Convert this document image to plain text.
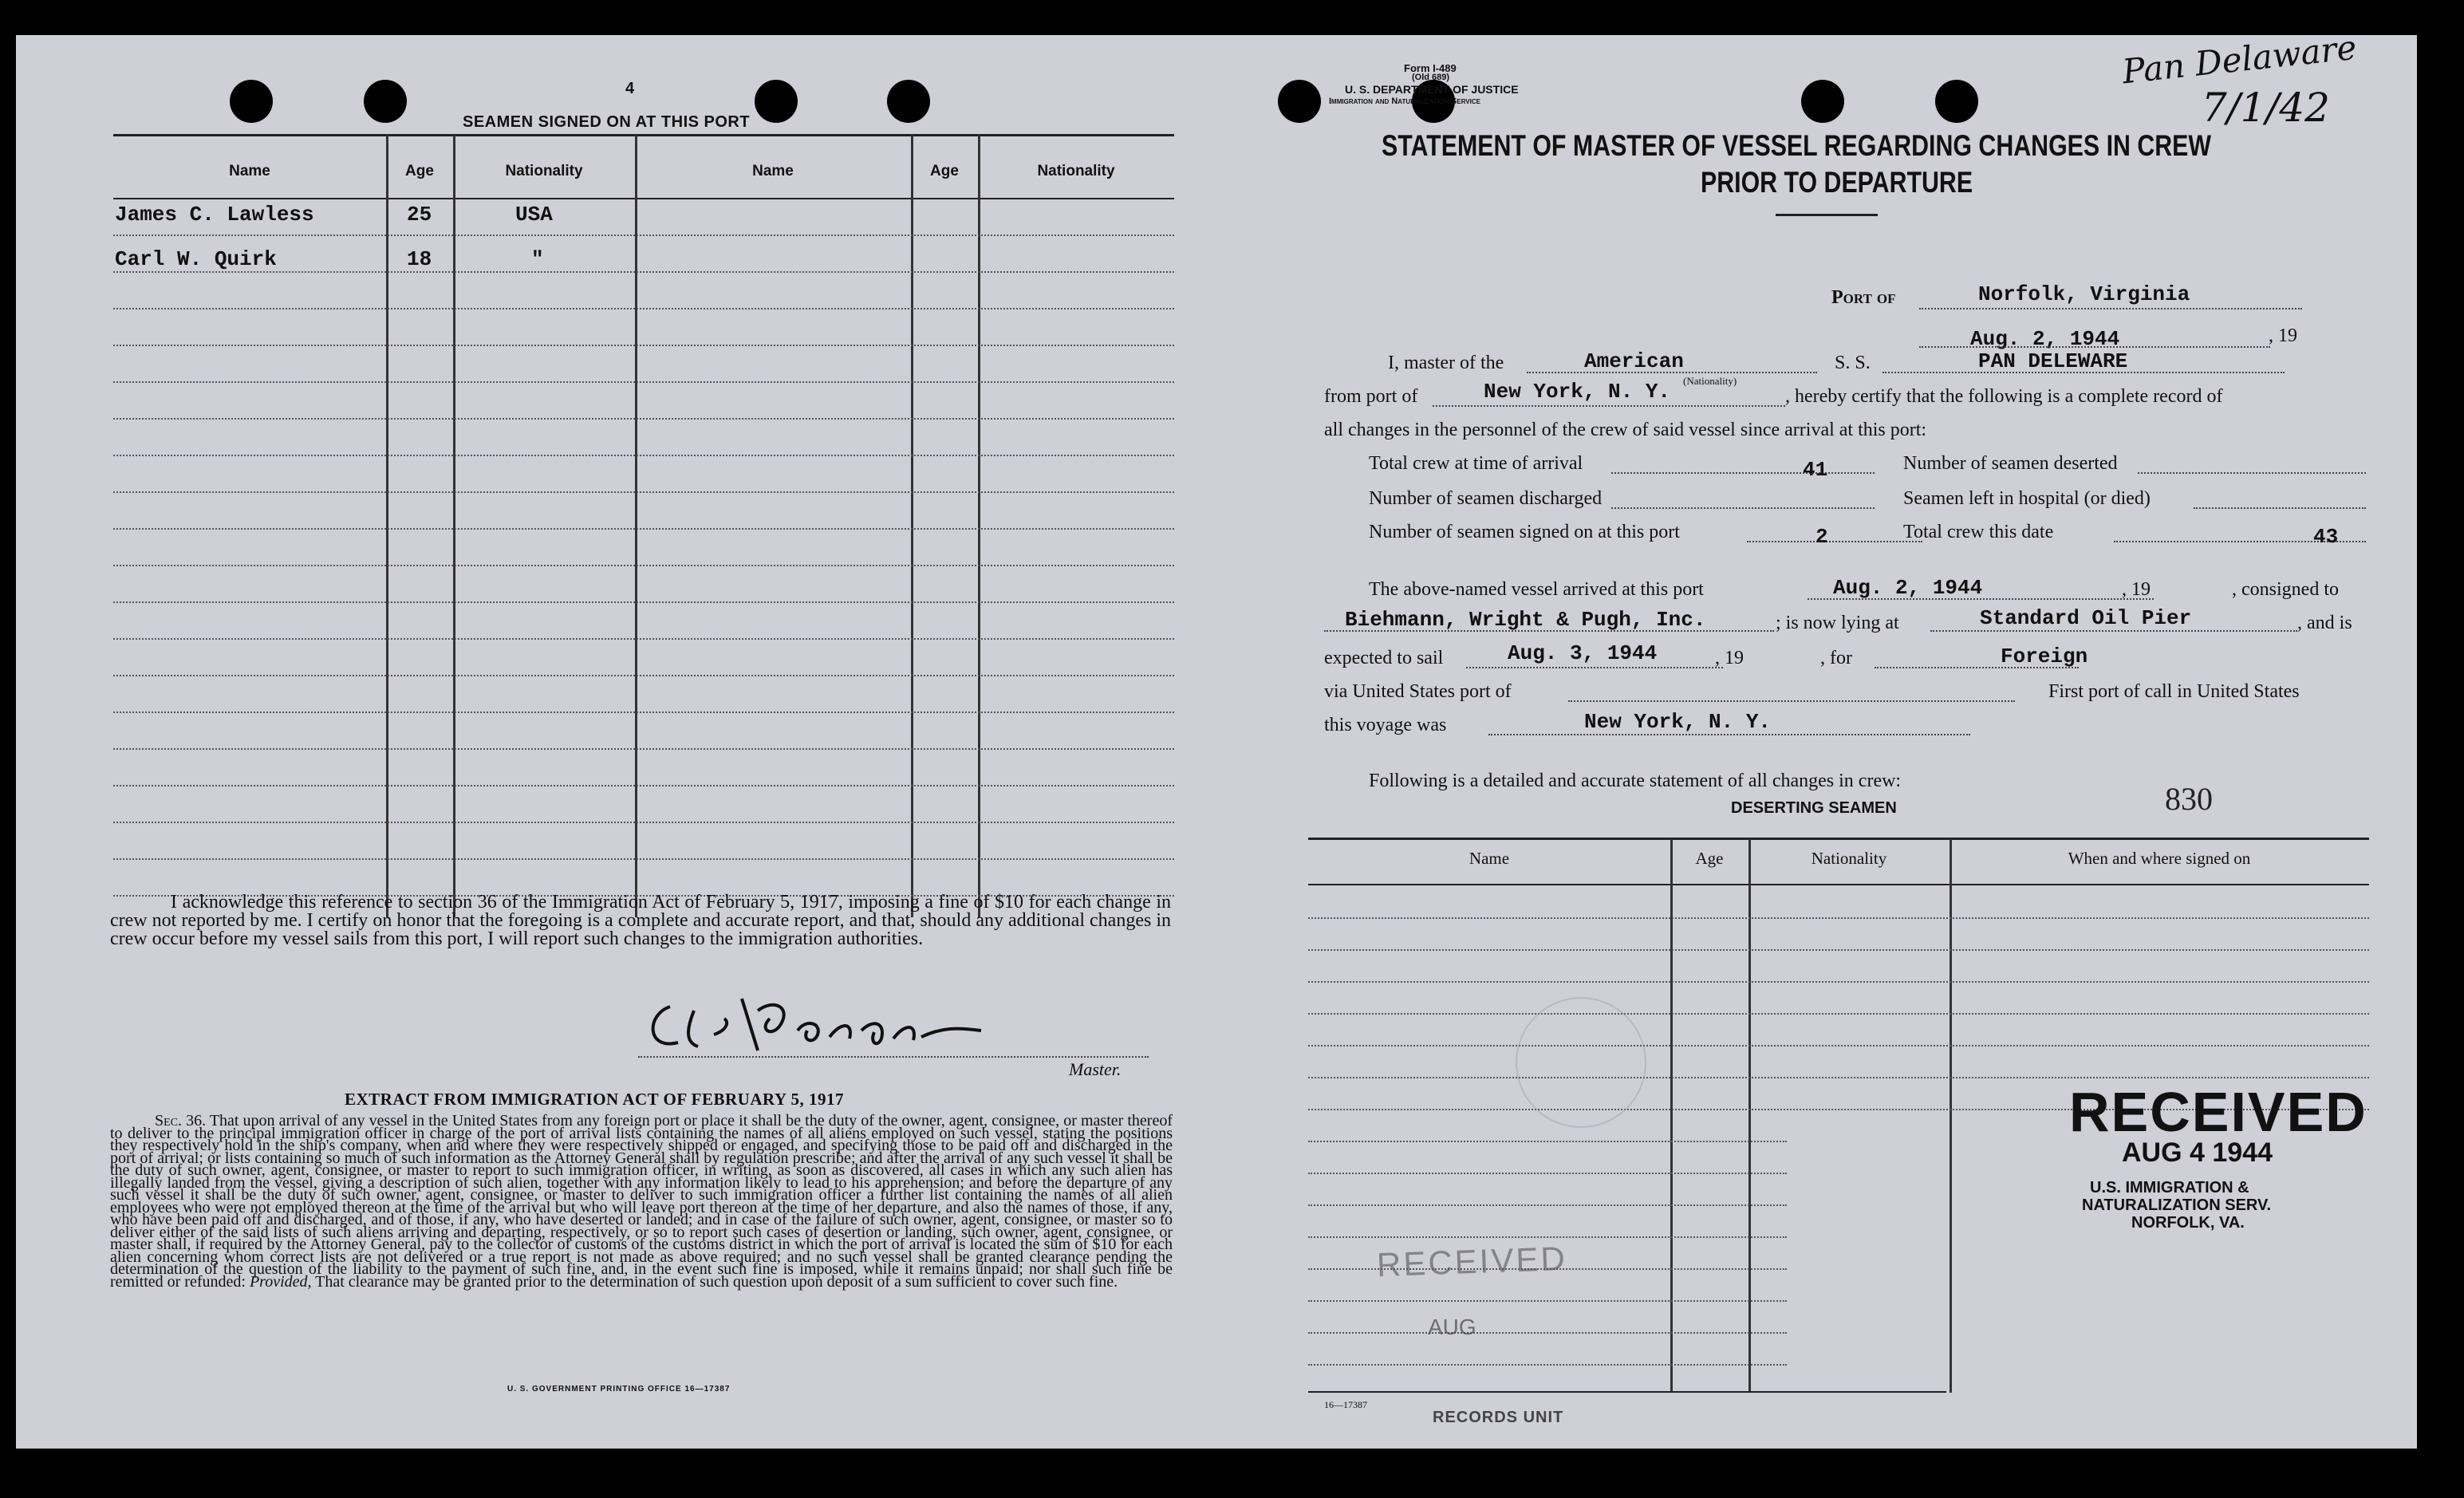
4
SEAMEN SIGNED ON AT THIS PORT
Name	Age	Nationality	Name	Age	Nationality
James C. Lawless	25	USA
Carl W. Quirk	18	"
I acknowledge this reference to section 36 of the Immigration Act of February 5, 1917, imposing a fine of $10 for each change in crew not reported by me. I certify on honor that the foregoing is a complete and accurate report, and that, should any additional changes in crew occur before my vessel sails from this port, I will report such changes to the immigration authorities.
Master.
EXTRACT FROM IMMIGRATION ACT OF FEBRUARY 5, 1917

Sec. 36. That upon arrival of any vessel in the United States from any foreign port or place it shall be the duty of the owner, agent, consignee, or master thereof to deliver to the principal immigration officer in charge of the port of arrival lists containing the names of all aliens employed on such vessel, stating the positions they respectively hold in the ship's company, when and where they were respectively shipped or engaged, and specifying those to be paid off and discharged in the port of arrival; or lists containing so much of such information as the Attorney General shall by regulation prescribe; and after the arrival of any such vessel it shall be the duty of such owner, agent, consignee, or master to report to such immigration officer, in writing, as soon as discovered, all cases in which any such alien has illegally landed from the vessel, giving a description of such alien, together with any information likely to lead to his apprehension; and before the departure of any such vessel it shall be the duty of such owner, agent, consignee, or master to deliver to such immigration officer a further list containing the names of all alien employees who were not employed thereon at the time of the arrival but who will leave port thereon at the time of her departure, and also the names of those, if any, who have been paid off and discharged, and of those, if any, who have deserted or landed; and in case of the failure of such owner, agent, consignee, or master so to deliver either of the said lists of such aliens arriving and departing, respectively, or so to report such cases of desertion or landing, such owner, agent, consignee, or master shall, if required by the Attorney General, pay to the collector of customs of the customs district in which the port of arrival is located the sum of $10 for each alien concerning whom correct lists are not delivered or a true report is not made as above required; and no such vessel shall be granted clearance pending the determination of the question of the liability to the payment of such fine, and, in the event such fine is imposed, while it remains unpaid; nor shall such fine be remitted or refunded: Provided, That clearance may be granted prior to the determination of such question upon deposit of a sum sufficient to cover such fine.

U. S. GOVERNMENT PRINTING OFFICE 16—17387
Form I-489
(Old 689)
U. S. DEPARTMENT OF JUSTICE
Immigration and Naturalization Service
Pan Delaware
7/1/42
STATEMENT OF MASTER OF VESSEL REGARDING CHANGES IN CREW
PRIOR TO DEPARTURE
Port of	Norfolk, Virginia
Aug. 2, 1944	, 19
I, master of the	American
(Nationality)
S. S.	PAN DELEWARE
from port of	New York, N. Y.	, hereby certify that the following is a complete record of
all changes in the personnel of the crew of said vessel since arrival at this port:
Total crew at time of arrival	41	Number of seamen deserted
Number of seamen discharged	Seamen left in hospital (or died)
Number of seamen signed on at this port	2	Total crew this date	43
The above-named vessel arrived at this port	Aug. 2, 1944	, 19	, consigned to
Biehmann, Wright & Pugh, Inc.	; is now lying at	Standard Oil Pier	, and is
expected to sail	Aug. 3, 1944	, 19	, for	Foreign
via United States port of	First port of call in United States
this voyage was	New York, N. Y.
Following is a detailed and accurate statement of all changes in crew:
DESERTING SEAMEN	830
Name	Age	Nationality	When and where signed on
RECEIVED
AUG 4 1944
U.S. IMMIGRATION &
NATURALIZATION SERV.
NORFOLK, VA.
RECEIVED
AUG
16—17387
RECORDS UNIT
